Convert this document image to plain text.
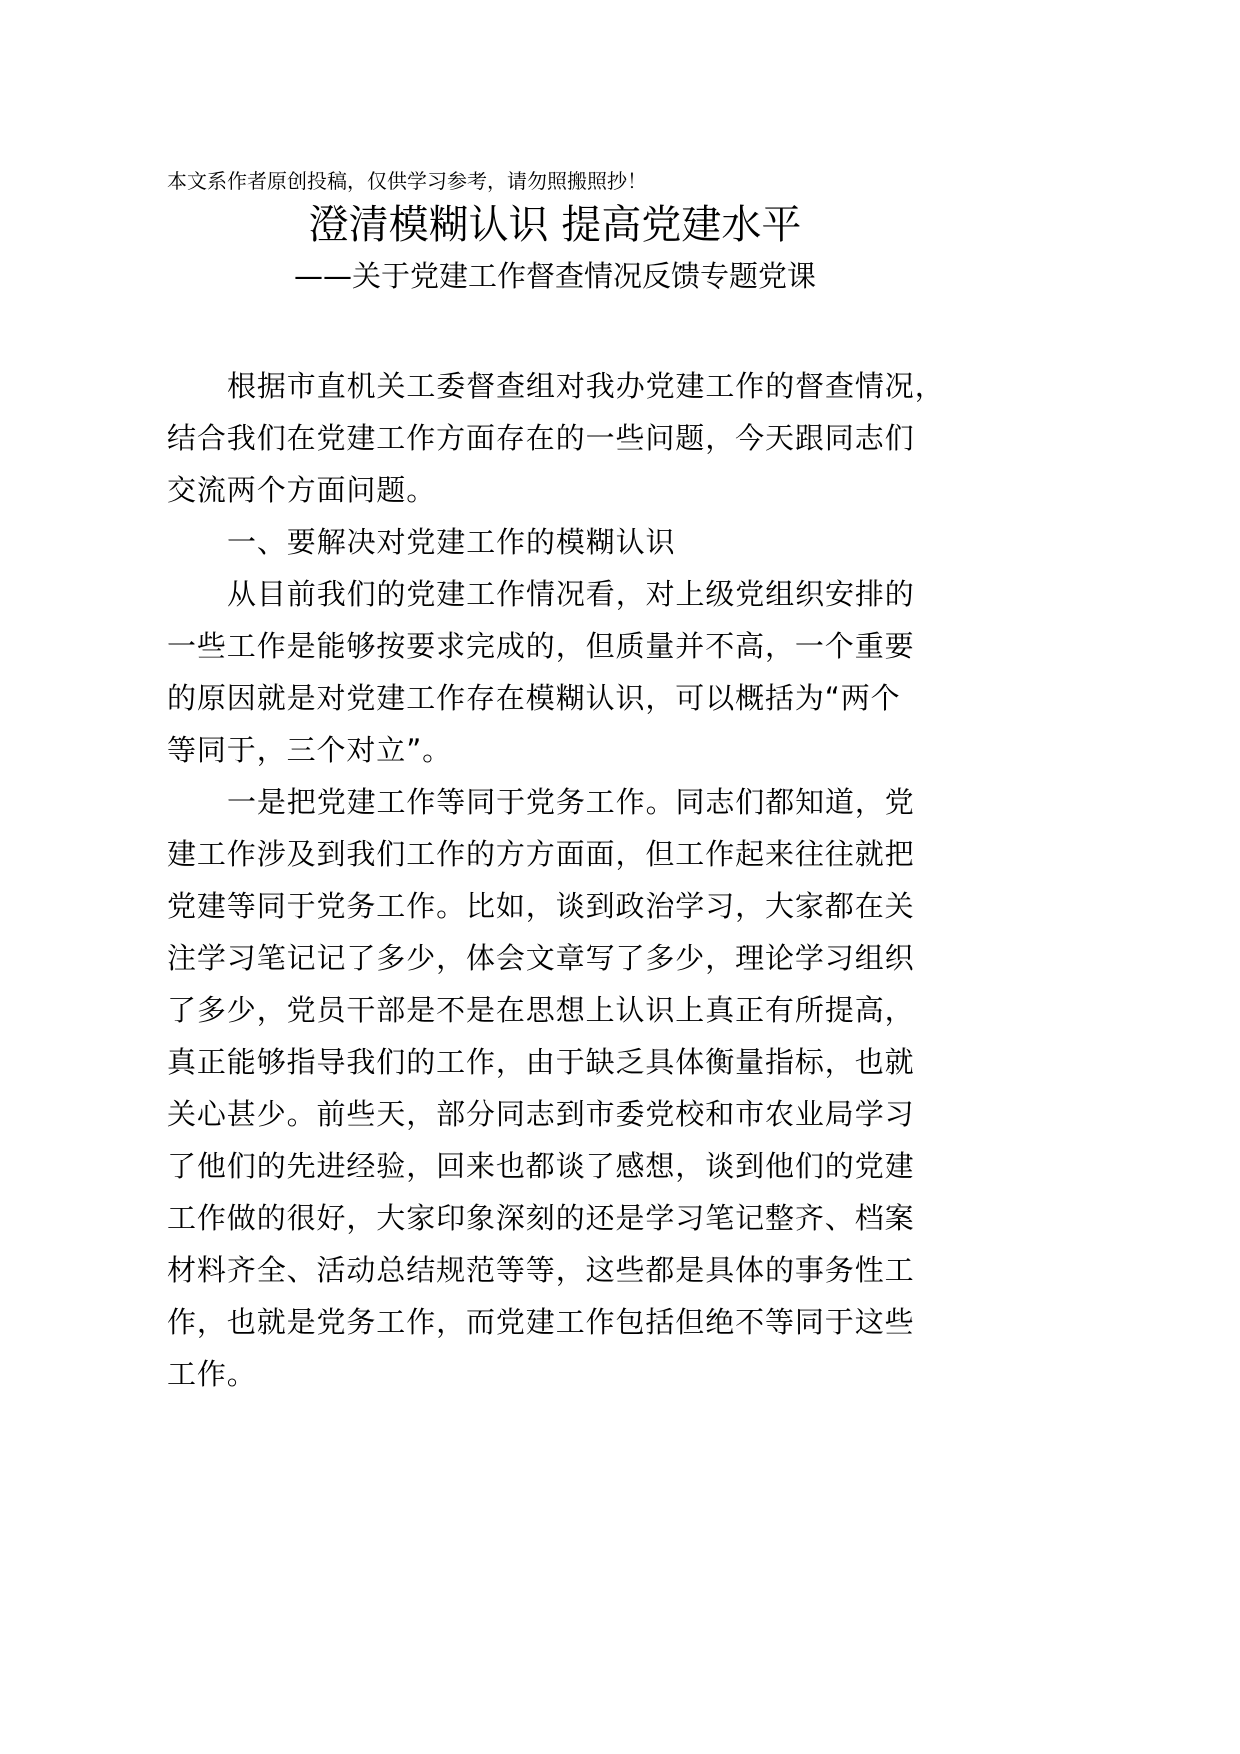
本文系作者原创投稿，仅供学习参考，请勿照搬照抄！
澄清模糊认识 提高党建水平
——关于党建工作督查情况反馈专题党课

根据市直机关工委督查组对我办党建工作的督查情况，
结合我们在党建工作方面存在的一些问题，今天跟同志们
交流两个方面问题。

一、要解决对党建工作的模糊认识

从目前我们的党建工作情况看，对上级党组织安排的
一些工作是能够按要求完成的，但质量并不高，一个重要
的原因就是对党建工作存在模糊认识，可以概括为“两个
等同于，三个对立”。

一是把党建工作等同于党务工作。同志们都知道，党
建工作涉及到我们工作的方方面面，但工作起来往往就把
党建等同于党务工作。比如，谈到政治学习，大家都在关
注学习笔记记了多少，体会文章写了多少，理论学习组织
了多少，党员干部是不是在思想上认识上真正有所提高，
真正能够指导我们的工作，由于缺乏具体衡量指标，也就
关心甚少。前些天，部分同志到市委党校和市农业局学习
了他们的先进经验，回来也都谈了感想，谈到他们的党建
工作做的很好，大家印象深刻的还是学习笔记整齐、档案
材料齐全、活动总结规范等等，这些都是具体的事务性工
作，也就是党务工作，而党建工作包括但绝不等同于这些
工作。
